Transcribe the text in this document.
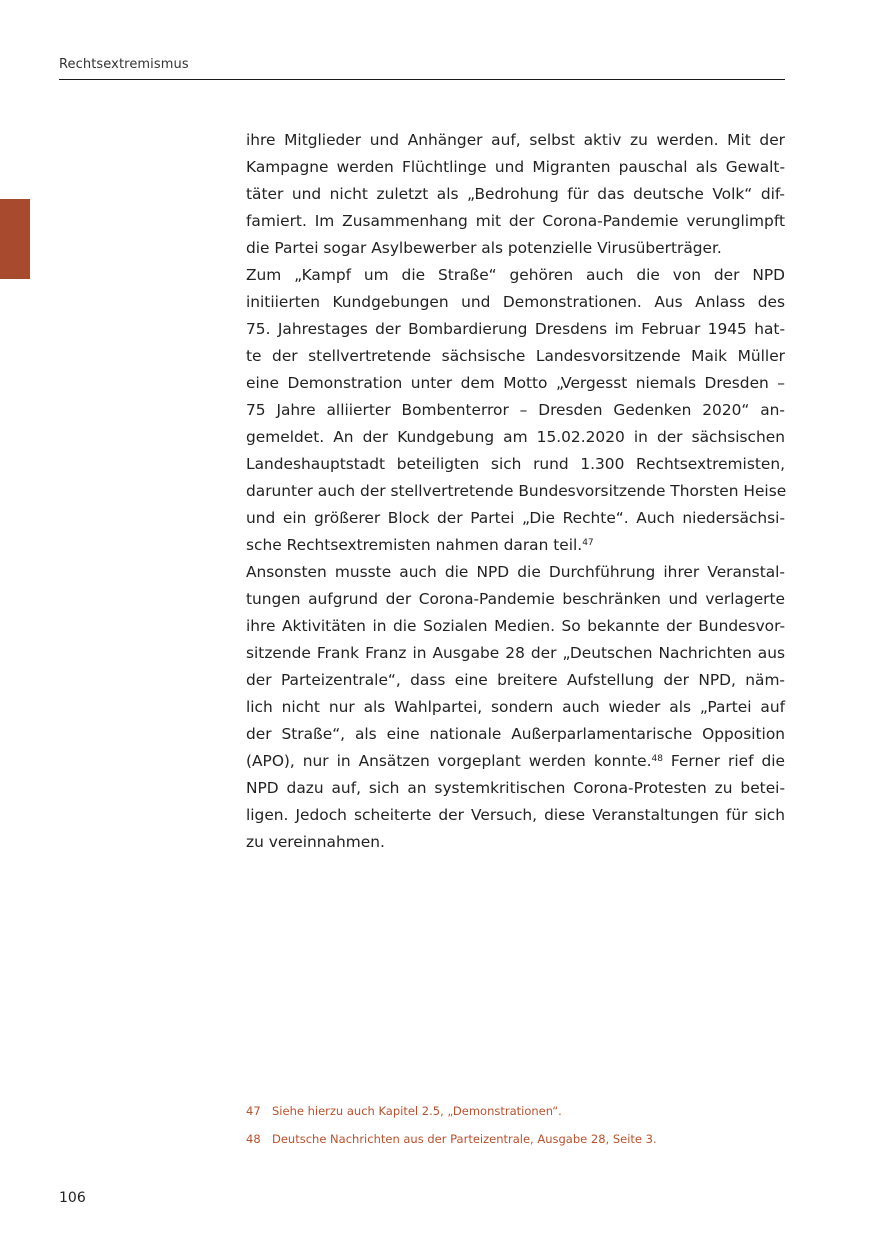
Rechtsextremismus

ihre Mitglieder und Anhänger auf, selbst aktiv zu werden. Mit der
Kampagne werden Flüchtlinge und Migranten pauschal als Gewalt-
täter und nicht zuletzt als „Bedrohung für das deutsche Volk“ dif-
famiert. Im Zusammenhang mit der Corona-Pandemie verunglimpft
die Partei sogar Asylbewerber als potenzielle Virusüberträger.

Zum „Kampf um die Straße“ gehören auch die von der NPD
initiierten Kundgebungen und Demonstrationen. Aus Anlass des
75. Jahrestages der Bombardierung Dresdens im Februar 1945 hat-
te der stellvertretende sächsische Landesvorsitzende Maik Müller
eine Demonstration unter dem Motto „Vergesst niemals Dresden –
75 Jahre alliierter Bombenterror – Dresden Gedenken 2020“ an-
gemeldet. An der Kundgebung am 15.02.2020 in der sächsischen
Landeshauptstadt beteiligten sich rund 1.300 Rechtsextremisten,
darunter auch der stellvertretende Bundesvorsitzende Thorsten Heise
und ein größerer Block der Partei „Die Rechte“. Auch niedersächsi-
sche Rechtsextremisten nahmen daran teil.$^{47}$

Ansonsten musste auch die NPD die Durchführung ihrer Veranstal-
tungen aufgrund der Corona-Pandemie beschränken und verlagerte
ihre Aktivitäten in die Sozialen Medien. So bekannte der Bundesvor-
sitzende Frank Franz in Ausgabe 28 der „Deutschen Nachrichten aus
der Parteizentrale“, dass eine breitere Aufstellung der NPD, näm-
lich nicht nur als Wahlpartei, sondern auch wieder als „Partei auf
der Straße“, als eine nationale Außerparlamentarische Opposition
(APO), nur in Ansätzen vorgeplant werden konnte.$^{48}$ Ferner rief die
NPD dazu auf, sich an systemkritischen Corona-Protesten zu betei-
ligen. Jedoch scheiterte der Versuch, diese Veranstaltungen für sich
zu vereinnahmen.

47 Siehe hierzu auch Kapitel 2.5, „Demonstrationen“.
48 Deutsche Nachrichten aus der Parteizentrale, Ausgabe 28, Seite 3.
106
